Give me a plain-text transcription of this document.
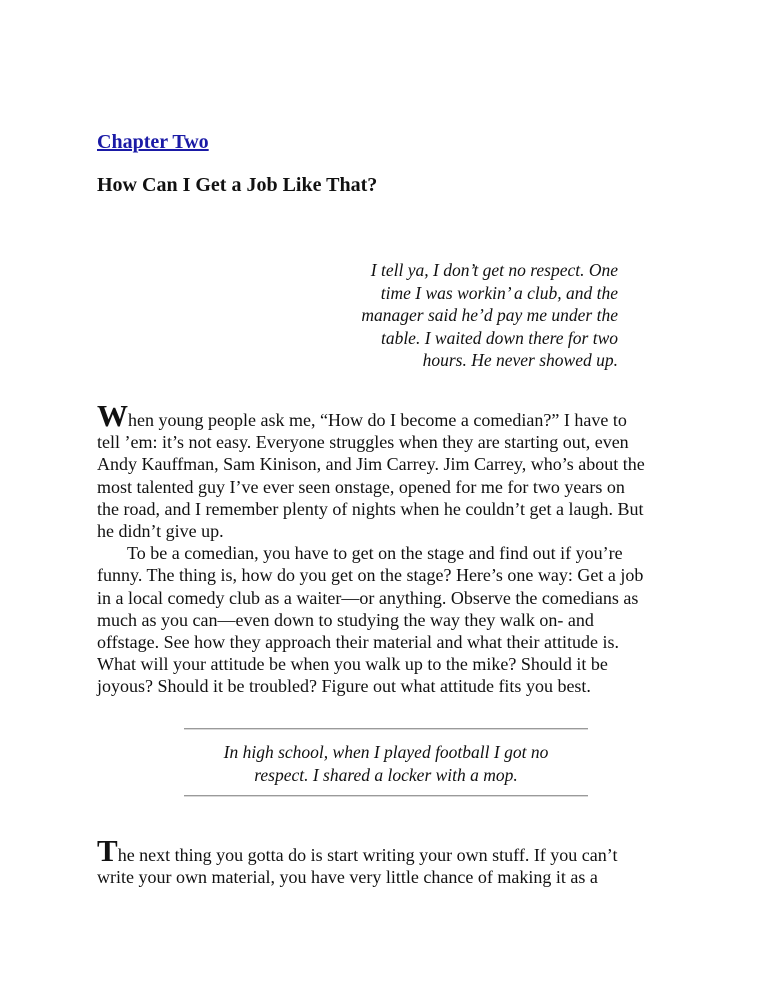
Chapter Two
How Can I Get a Job Like That?
I tell ya, I don’t get no respect. One
time I was workin’ a club, and the
manager said he’d pay me under the
table. I waited down there for two
hours. He never showed up.
When young people ask me, “How do I become a comedian?” I have to
tell ’em: it’s not easy. Everyone struggles when they are starting out, even
Andy Kauffman, Sam Kinison, and Jim Carrey. Jim Carrey, who’s about the
most talented guy I’ve ever seen onstage, opened for me for two years on
the road, and I remember plenty of nights when he couldn’t get a laugh. But
he didn’t give up.
To be a comedian, you have to get on the stage and find out if you’re
funny. The thing is, how do you get on the stage? Here’s one way: Get a job
in a local comedy club as a waiter—or anything. Observe the comedians as
much as you can—even down to studying the way they walk on- and
offstage. See how they approach their material and what their attitude is.
What will your attitude be when you walk up to the mike? Should it be
joyous? Should it be troubled? Figure out what attitude fits you best.
In high school, when I played football I got no
respect. I shared a locker with a mop.
The next thing you gotta do is start writing your own stuff. If you can’t
write your own material, you have very little chance of making it as a
